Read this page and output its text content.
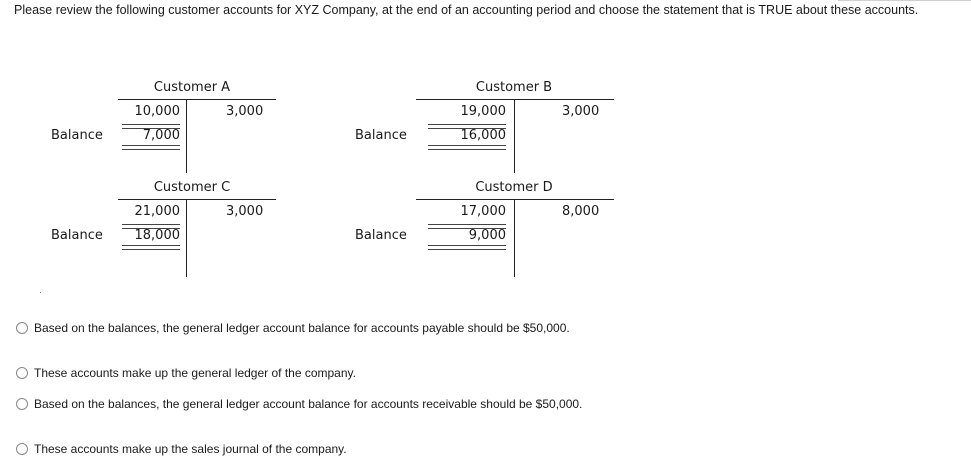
Please review the following customer accounts for XYZ Company, at the end of an accounting period and choose the statement that is TRUE about these accounts.
Customer A
10,000	3,000
7,000
Balance
Customer B
19,000	3,000
16,000
Balance
Customer C
21,000	3,000
18,000
Balance
Customer D
17,000	8,000
9,000
Balance
Based on the balances, the general ledger account balance for accounts payable should be $50,000.
These accounts make up the general ledger of the company.
Based on the balances, the general ledger account balance for accounts receivable should be $50,000.
These accounts make up the sales journal of the company.
